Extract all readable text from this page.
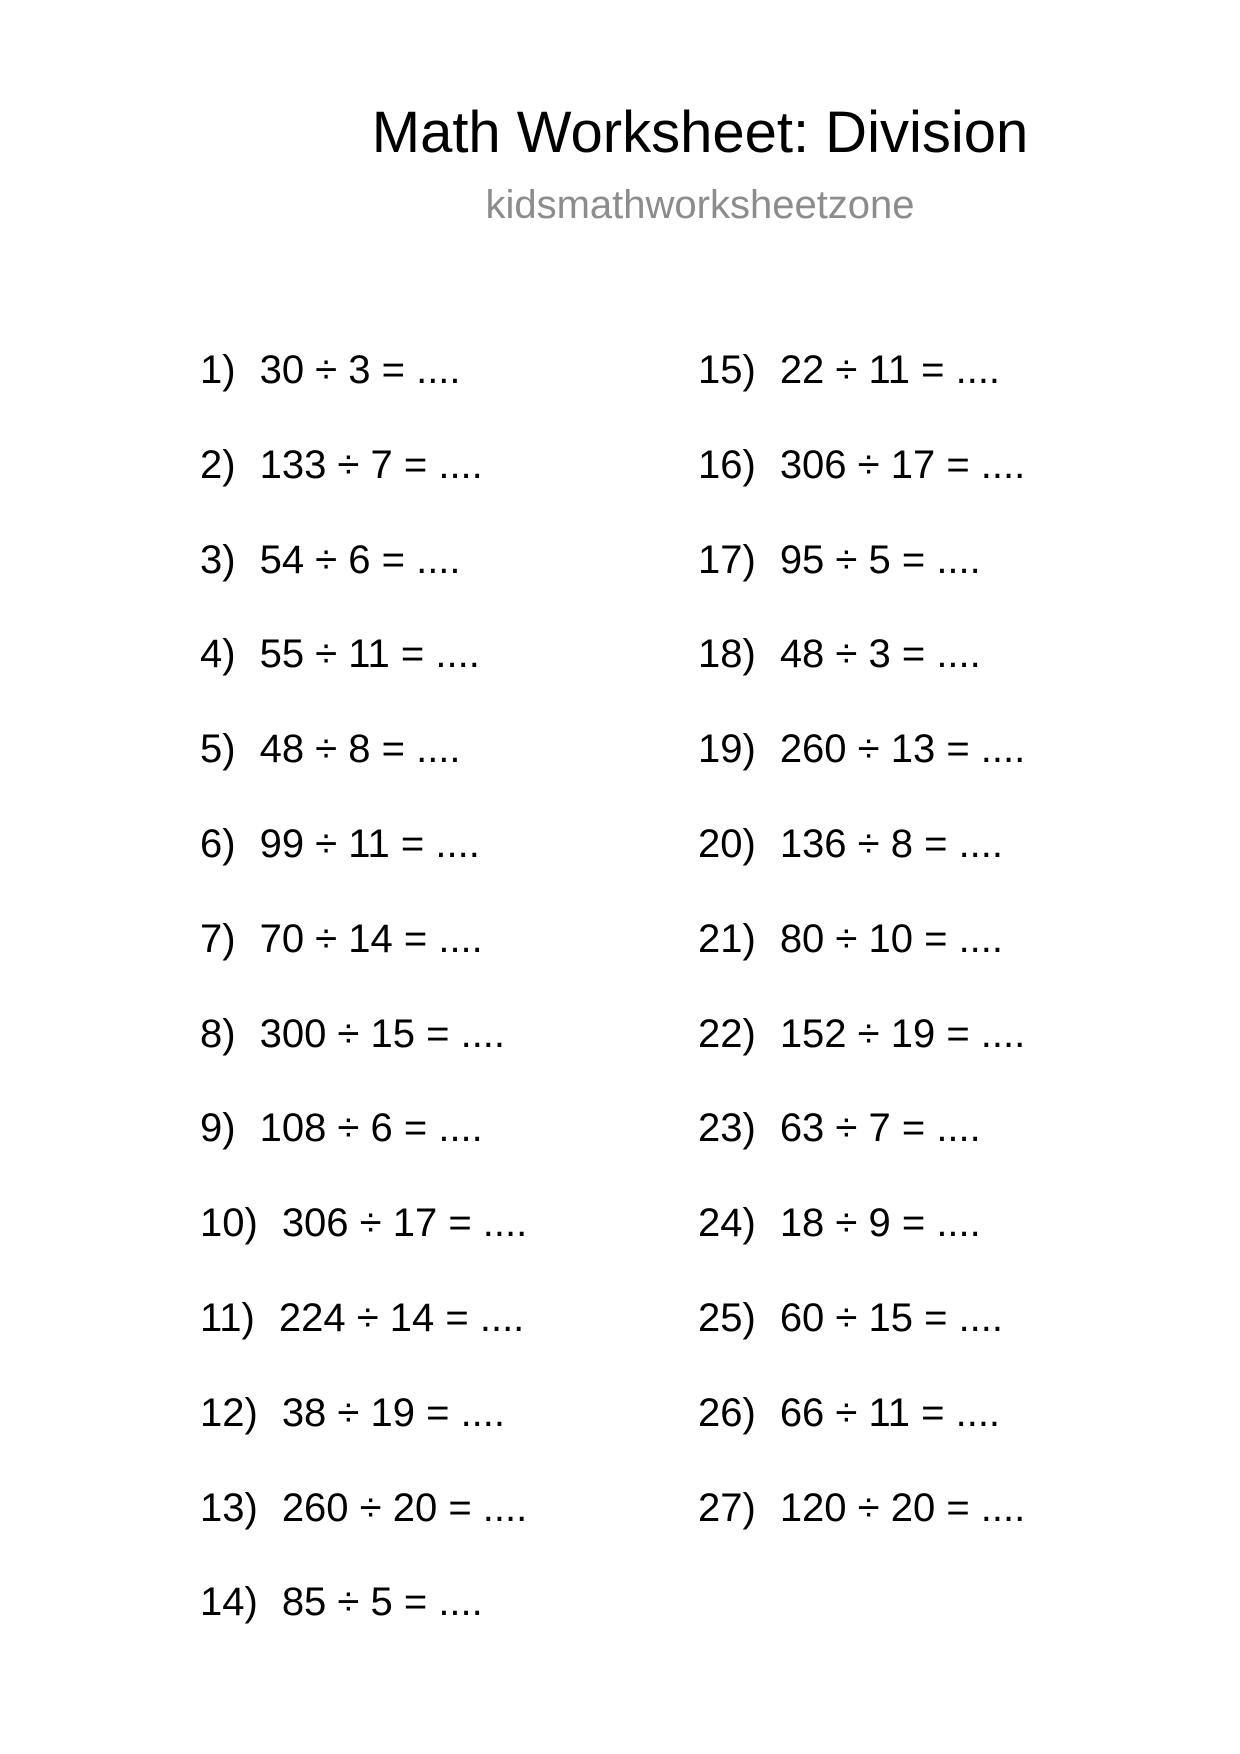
Math Worksheet: Division
kidsmathworksheetzone
1) 30 ÷ 3 = ....
2) 133 ÷ 7 = ....
3) 54 ÷ 6 = ....
4) 55 ÷ 11 = ....
5) 48 ÷ 8 = ....
6) 99 ÷ 11 = ....
7) 70 ÷ 14 = ....
8) 300 ÷ 15 = ....
9) 108 ÷ 6 = ....
10) 306 ÷ 17 = ....
11) 224 ÷ 14 = ....
12) 38 ÷ 19 = ....
13) 260 ÷ 20 = ....
14) 85 ÷ 5 = ....
15) 22 ÷ 11 = ....
16) 306 ÷ 17 = ....
17) 95 ÷ 5 = ....
18) 48 ÷ 3 = ....
19) 260 ÷ 13 = ....
20) 136 ÷ 8 = ....
21) 80 ÷ 10 = ....
22) 152 ÷ 19 = ....
23) 63 ÷ 7 = ....
24) 18 ÷ 9 = ....
25) 60 ÷ 15 = ....
26) 66 ÷ 11 = ....
27) 120 ÷ 20 = ....
